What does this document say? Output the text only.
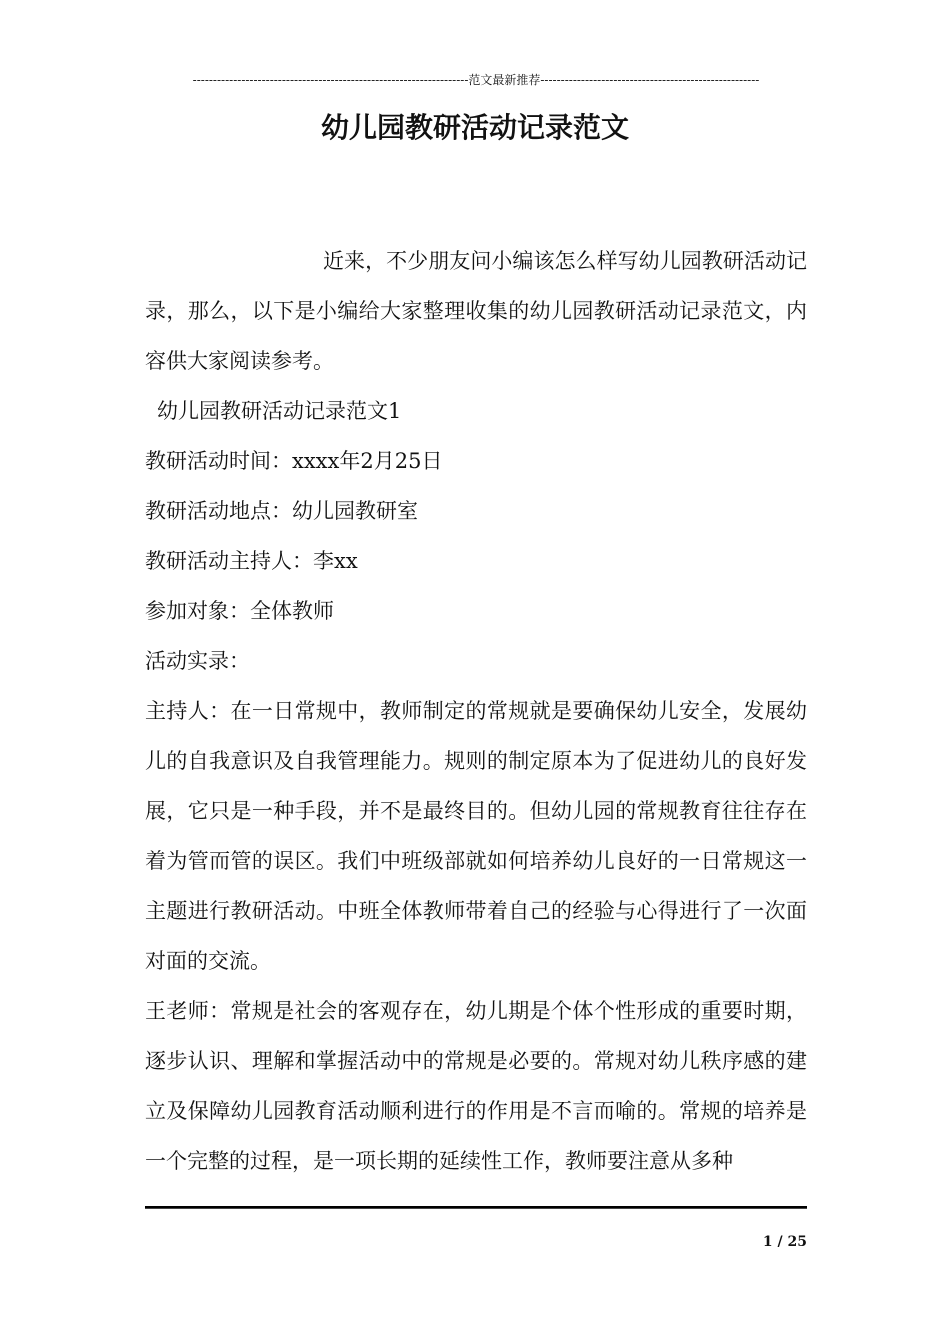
--------------------------------------------------------------------范文最新推荐------------------------------------------------------
幼儿园教研活动记录范文

近来，不少朋友问小编该怎么样写幼儿园教研活动记录，那么，以下是小编给大家整理收集的幼儿园教研活动记录范文，内容供大家阅读参考。

幼儿园教研活动记录范文1

教研活动时间：xxxx年2月25日

教研活动地点：幼儿园教研室

教研活动主持人：李xx

参加对象：全体教师

活动实录：

主持人：在一日常规中，教师制定的常规就是要确保幼儿安全，发展幼儿的自我意识及自我管理能力。规则的制定原本为了促进幼儿的良好发展，它只是一种手段，并不是最终目的。但幼儿园的常规教育往往存在着为管而管的误区。我们中班级部就如何培养幼儿良好的一日常规这一主题进行教研活动。中班全体教师带着自己的经验与心得进行了一次面对面的交流。

王老师：常规是社会的客观存在，幼儿期是个体个性形成的重要时期，逐步认识、理解和掌握活动中的常规是必要的。常规对幼儿秩序感的建立及保障幼儿园教育活动顺利进行的作用是不言而喻的。常规的培养是一个完整的过程，是一项长期的延续性工作，教师要注意从多种

1 / 25
